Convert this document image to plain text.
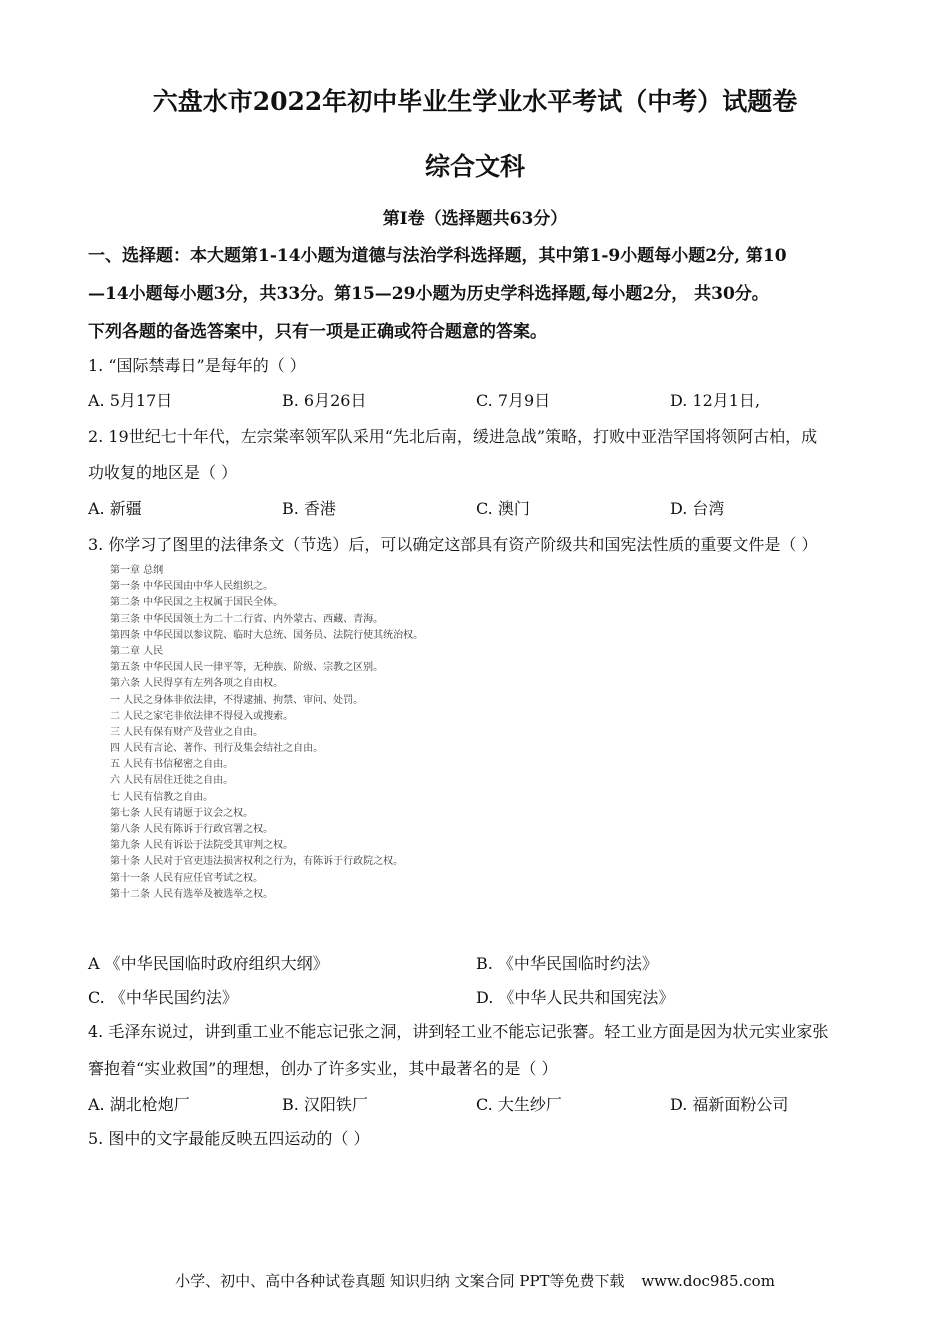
六盘水市2022年初中毕业生学业水平考试（中考）试题卷
综合文科
第I卷（选择题共63分）
一、选择题：本大题第1-14小题为道德与法治学科选择题，其中第1-9小题每小题2分, 第10
—14小题每小题3分，共33分。第15—29小题为历史学科选择题,每小题2分， 共30分。
下列各题的备选答案中，只有一项是正确或符合题意的答案。
1. “国际禁毒日”是每年的（ ）
A. 5月17日	B. 6月26日	C. 7月9日	D. 12月1日,
2. 19世纪七十年代，左宗棠率领军队采用“先北后南，缓进急战”策略，打败中亚浩罕国将领阿古柏，成
功收复的地区是（ ）
A. 新疆	B. 香港	C. 澳门	D. 台湾
3. 你学习了图里的法律条文（节选）后，可以确定这部具有资产阶级共和国宪法性质的重要文件是（ ）
第一章 总纲
第一条 中华民国由中华人民组织之。
第二条 中华民国之主权属于国民全体。
第三条 中华民国领土为二十二行省、内外蒙古、西藏、青海。
第四条 中华民国以参议院、临时大总统、国务员、法院行使其统治权。
第二章 人民
第五条 中华民国人民一律平等，无种族、阶级、宗教之区别。
第六条 人民得享有左列各项之自由权。
一 人民之身体非依法律，不得逮捕、拘禁、审问、处罚。
二 人民之家宅非依法律不得侵入或搜索。
三 人民有保有财产及营业之自由。
四 人民有言论、著作、刊行及集会结社之自由。
五 人民有书信秘密之自由。
六 人民有居住迁徙之自由。
七 人民有信教之自由。
第七条 人民有请愿于议会之权。
第八条 人民有陈诉于行政官署之权。
第九条 人民有诉讼于法院受其审判之权。
第十条 人民对于官吏违法损害权利之行为，有陈诉于行政院之权。
第十一条 人民有应任官考试之权。
第十二条 人民有选举及被选举之权。
A 《中华民国临时政府组织大纲》	B. 《中华民国临时约法》
C. 《中华民国约法》	D. 《中华人民共和国宪法》
4. 毛泽东说过，讲到重工业不能忘记张之洞，讲到轻工业不能忘记张謇。轻工业方面是因为状元实业家张
謇抱着“实业救国”的理想，创办了许多实业，其中最著名的是（ ）
A. 湖北枪炮厂	B. 汉阳铁厂	C. 大生纱厂	D. 福新面粉公司
5. 图中的文字最能反映五四运动的（ ）
小学、初中、高中各种试卷真题 知识归纳 文案合同 PPT等免费下载 www.doc985.com
